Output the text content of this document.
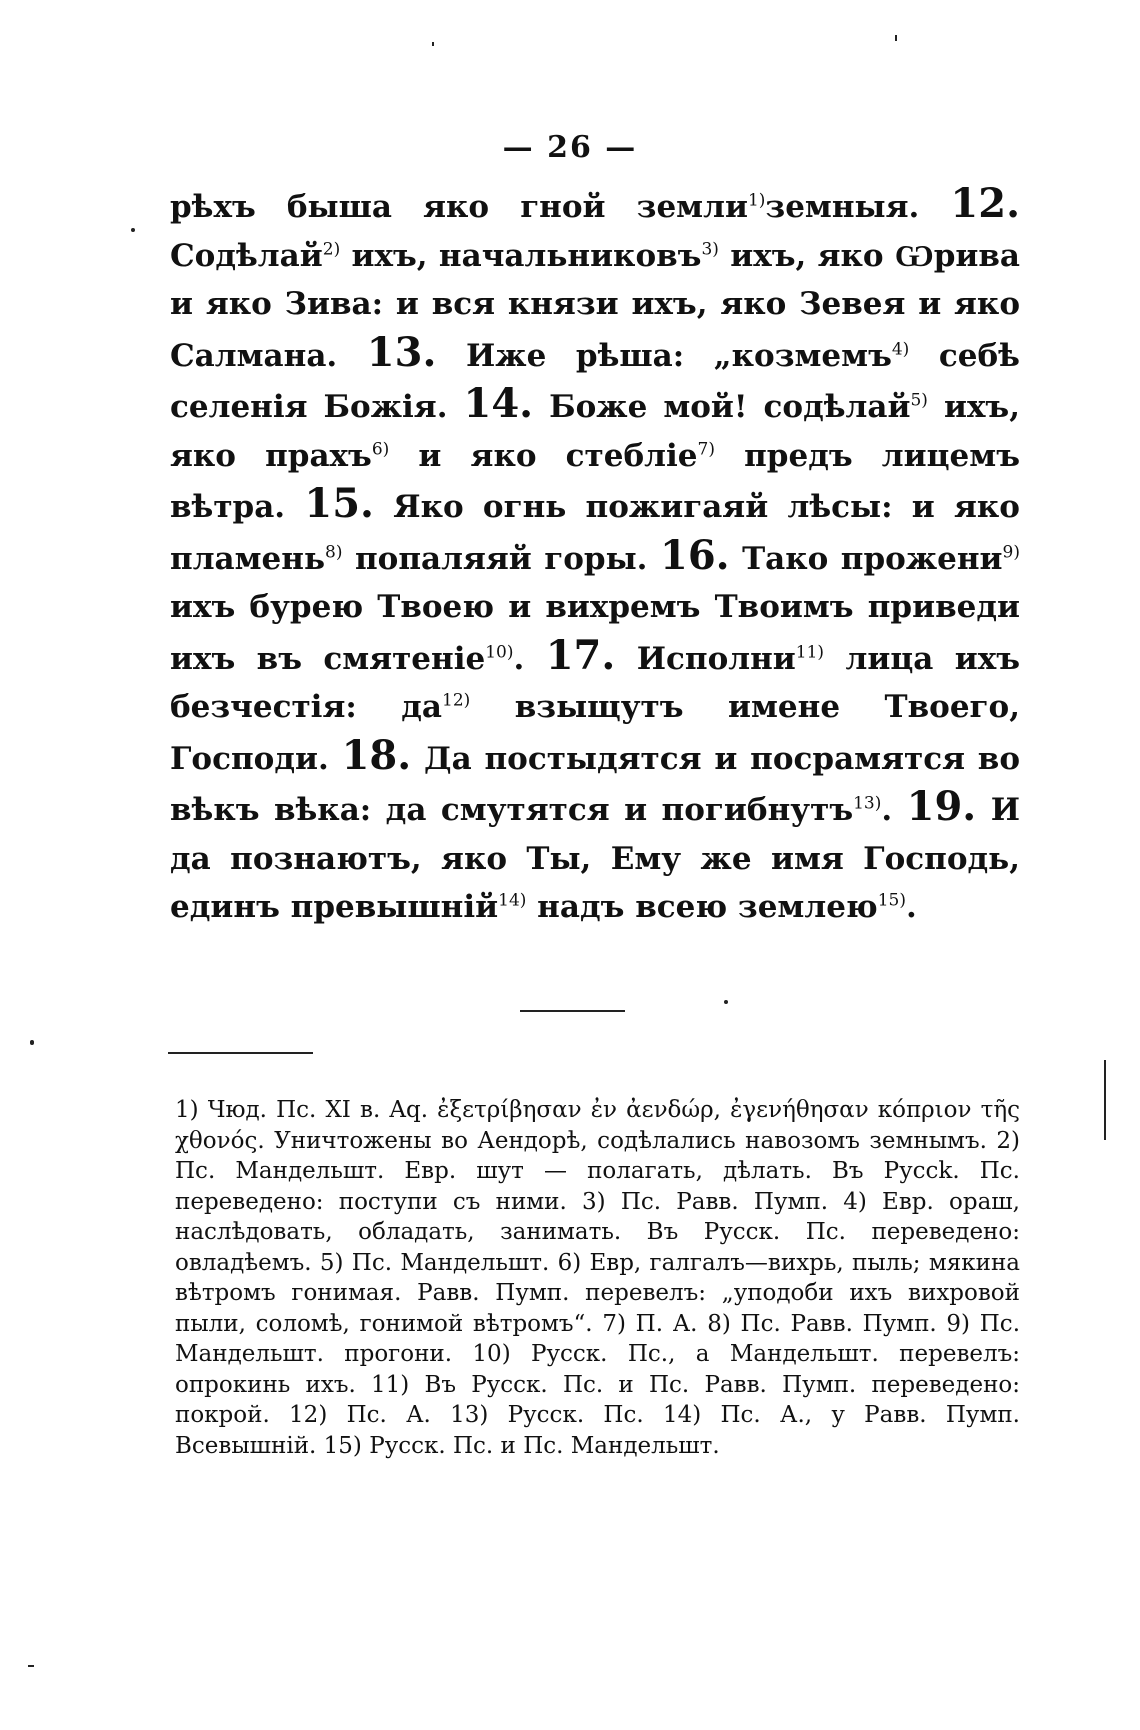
— 26 —

рѣхъ быша яко гной земли$^{1)}$земныя. 12. Содѣлай$^{2)}$ ихъ, начальниковъ$^{3)}$ ихъ, яко Ѡрива и яко Зива: и вся князи ихъ, яко Зевея и яко Салмана. 13. Иже рѣша: „козмемъ$^{4)}$ себѣ селенія Божія. 14. Боже мой! содѣлай$^{5)}$ ихъ, яко прахъ$^{6)}$ и яко стебліе$^{7)}$ предъ лицемъ вѣтра. 15. Яко огнь пожигаяй лѣсы: и яко пламень$^{8)}$ попаляяй горы. 16. Тако прожени$^{9)}$ ихъ бурею Твоею и вихремъ Твоимъ приведи ихъ въ смятеніе$^{10)}$. 17. Исполни$^{11)}$ лица ихъ безчестія: да$^{12)}$ взыщутъ имене Твоего, Господи. 18. Да постыдятся и посрамятся во вѣкъ вѣка: да смутятся и погибнутъ$^{13)}$. 19. И да познаютъ, яко Ты, Ему же имя Господь, единъ превышній$^{14)}$ надъ всею землею$^{15)}$.

1) Чюд. Пс. XI в. Aq. ἐξετρίβησαν ἐν ἀενδώρ, ἐγενήθησαν κόπριον τῆς χθονός. Уничтожены во Аендорѣ, содѣлались навозомъ земнымъ. 2) Пс. Мандельшт. Евр. шут — полагать, дѣлать. Въ Руссk. Пс. переведено: поступи съ ними. 3) Пс. Равв. Пумп. 4) Евр. ораш, наслѣдовать, обладать, занимать. Въ Русск. Пс. переведено: овладѣемъ. 5) Пс. Мандельшт. 6) Евр, галгалъ—вихрь, пыль; мякина вѣтромъ гонимая. Равв. Пумп. перевелъ: „уподоби ихъ вихровой пыли, соломѣ, гонимой вѣтромъ“. 7) П. А. 8) Пс. Равв. Пумп. 9) Пс. Мандельшт. прогони. 10) Русск. Пс., а Мандельшт. перевелъ: опрокинь ихъ. 11) Въ Русск. Пс. и Пс. Равв. Пумп. переведено: покрой. 12) Пс. А. 13) Русск. Пс. 14) Пс. А., у Равв. Пумп. Всевышній. 15) Русск. Пс. и Пс. Мандельшт.
